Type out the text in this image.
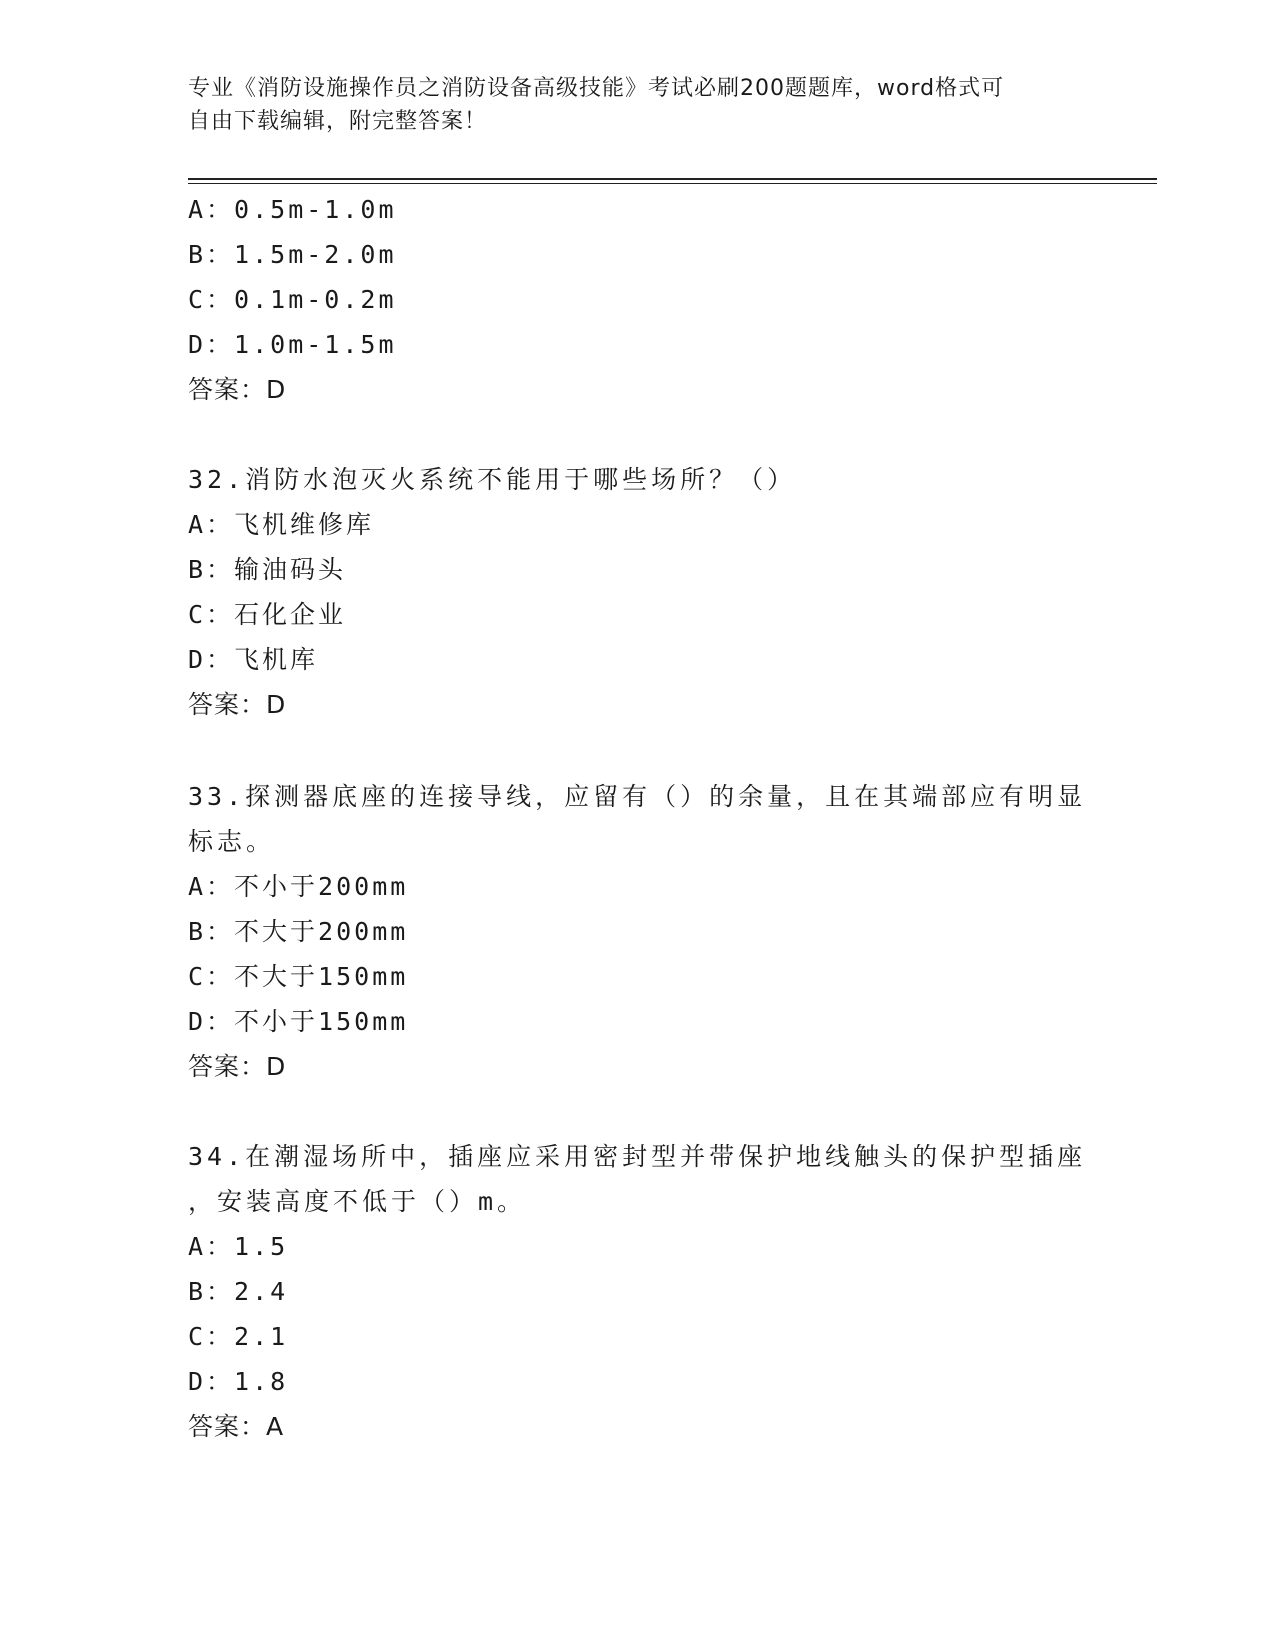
专业《消防设施操作员之消防设备高级技能》考试必刷200题题库，word格式可
自由下载编辑，附完整答案！
A：0.5m-1.0m
B：1.5m-2.0m
C：0.1m-0.2m
D：1.0m-1.5m
答案：D
32.消防水泡灭火系统不能用于哪些场所？（）
A：飞机维修库
B：输油码头
C：石化企业
D：飞机库
答案：D
33.探测器底座的连接导线，应留有（）的余量，且在其端部应有明显
标志。
A：不小于200mm
B：不大于200mm
C：不大于150mm
D：不小于150mm
答案：D
34.在潮湿场所中，插座应采用密封型并带保护地线触头的保护型插座
，安装高度不低于（）m。
A：1.5
B：2.4
C：2.1
D：1.8
答案：A
